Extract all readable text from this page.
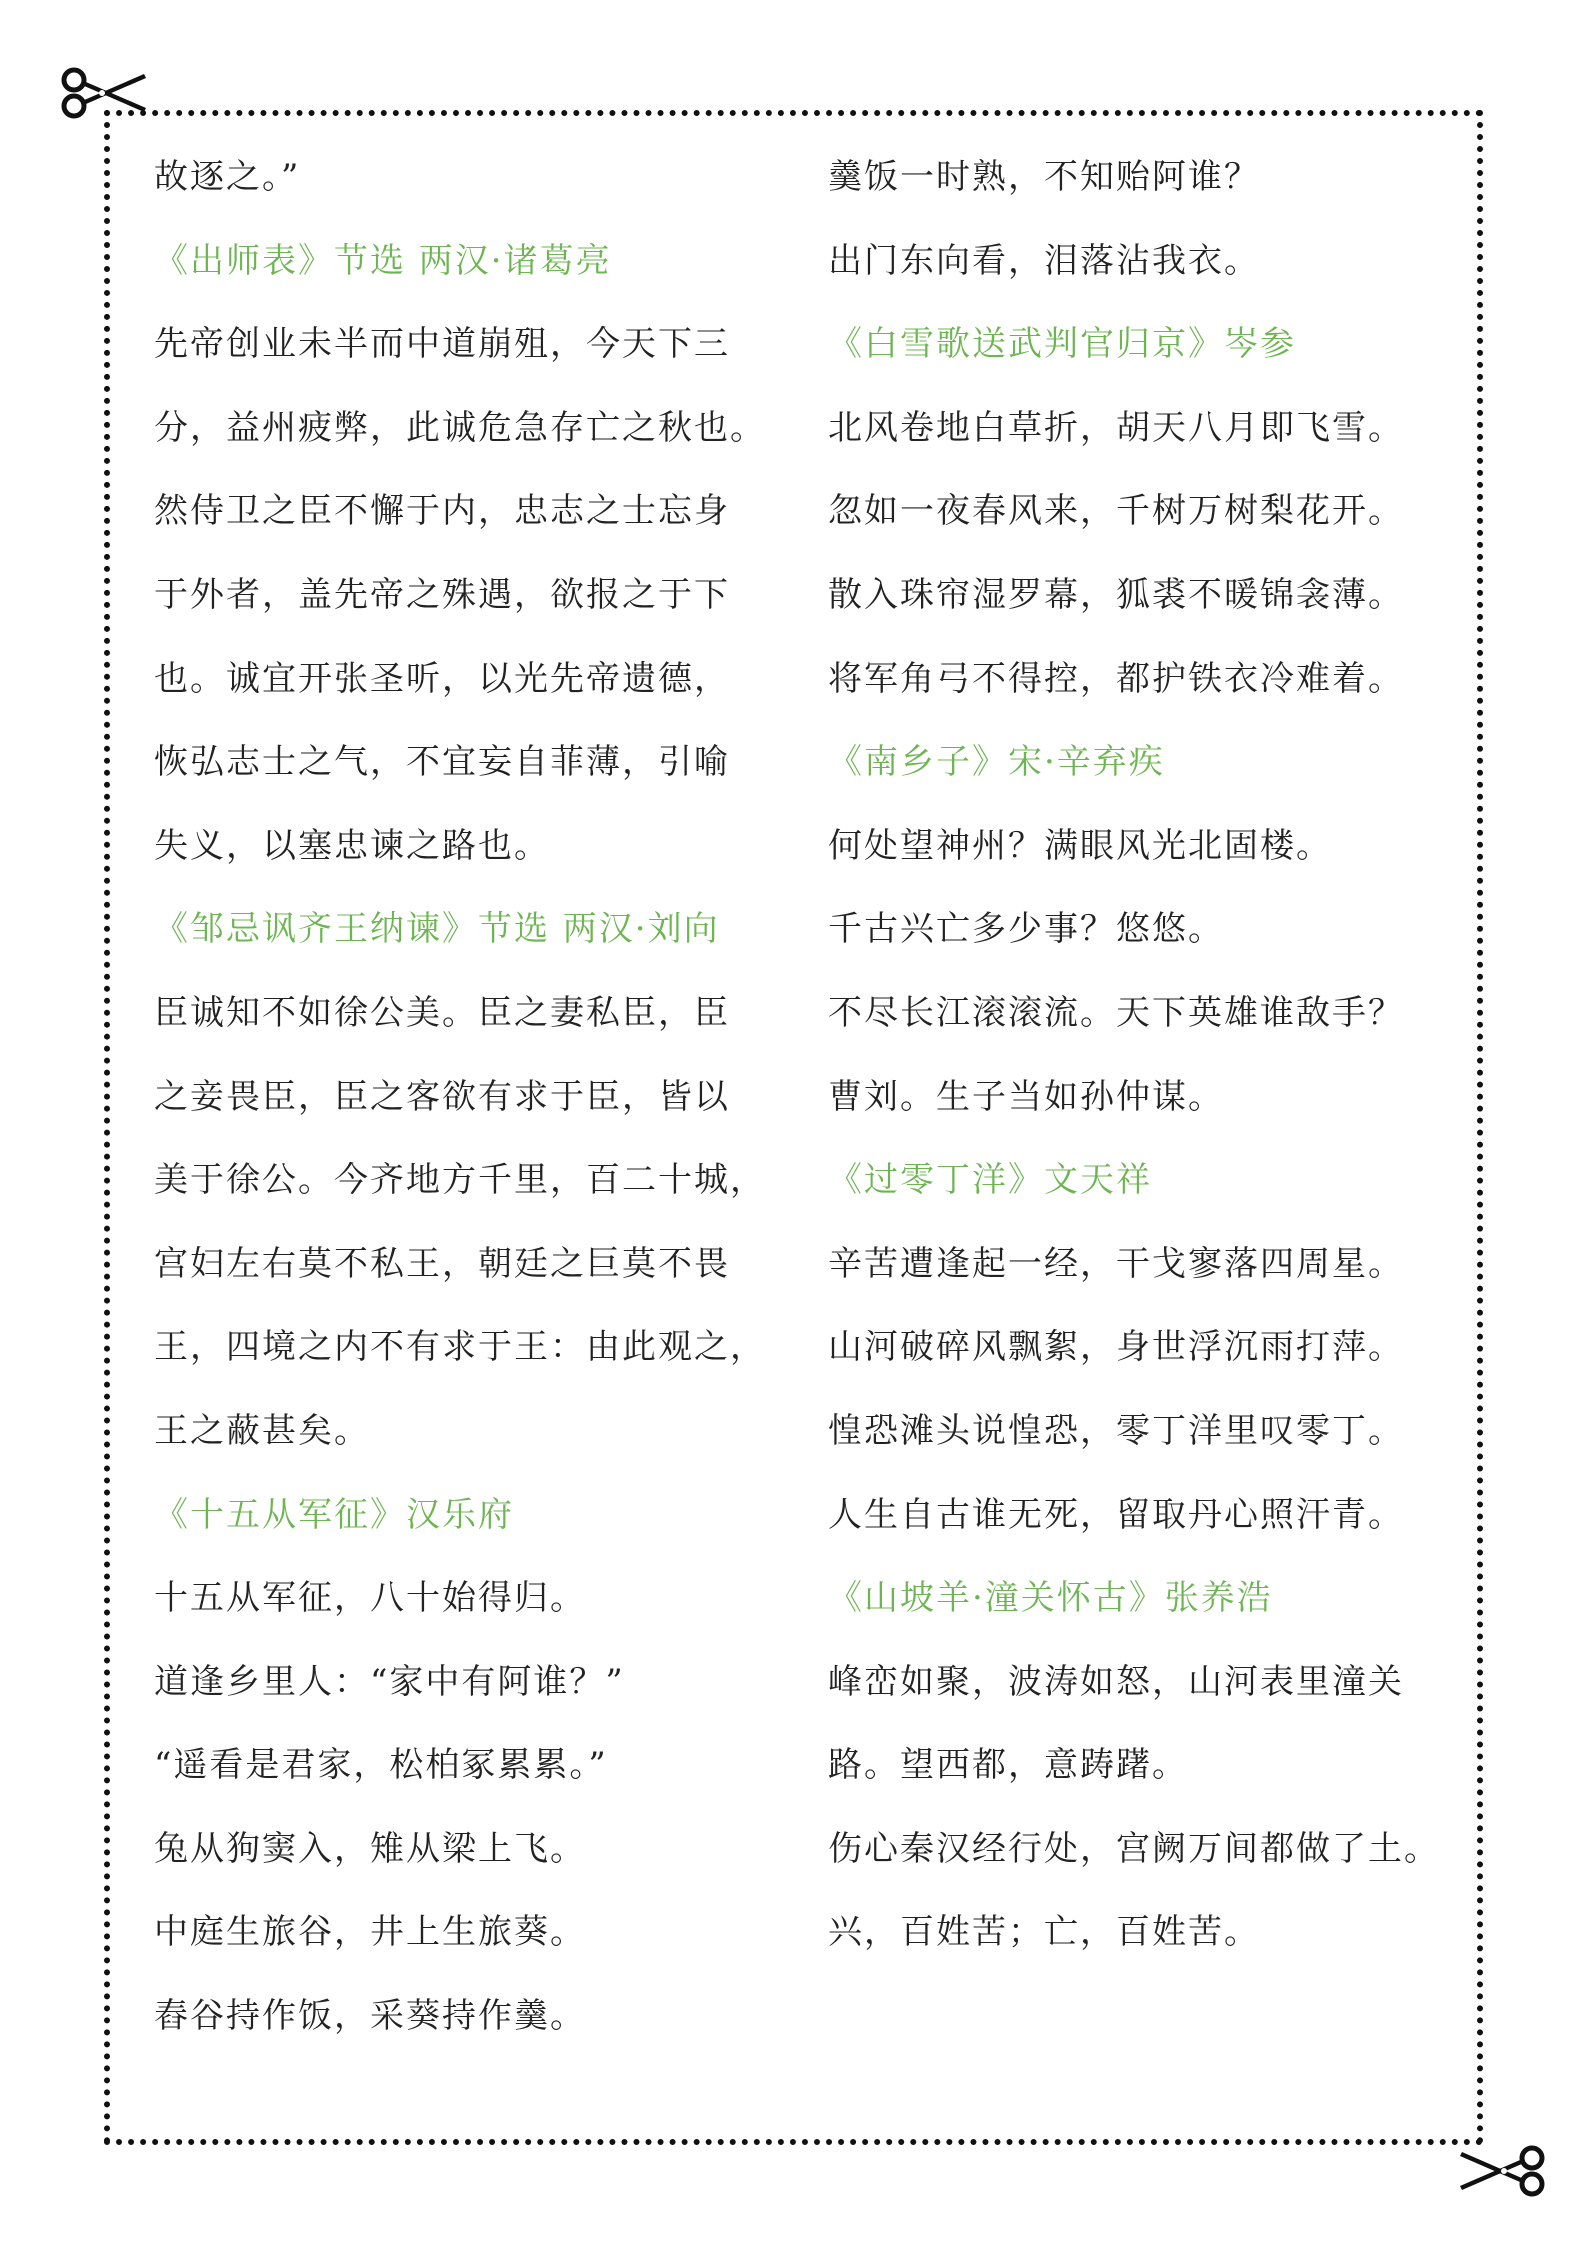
故逐之。”
《出师表》节选 两汉·诸葛亮
先帝创业未半而中道崩殂，今天下三
分，益州疲弊，此诚危急存亡之秋也。
然侍卫之臣不懈于内，忠志之士忘身
于外者，盖先帝之殊遇，欲报之于下
也。诚宜开张圣听，以光先帝遗德，
恢弘志士之气，不宜妄自菲薄，引喻
失义，以塞忠谏之路也。
《邹忌讽齐王纳谏》节选 两汉·刘向
臣诚知不如徐公美。臣之妻私臣，臣
之妾畏臣，臣之客欲有求于臣，皆以
美于徐公。今齐地方千里，百二十城，
宫妇左右莫不私王，朝廷之巨莫不畏
王，四境之内不有求于王：由此观之，
王之蔽甚矣。
《十五从军征》汉乐府
十五从军征，八十始得归。
道逢乡里人：“家中有阿谁？”
“遥看是君家，松柏冢累累。”
兔从狗窦入，雉从梁上飞。
中庭生旅谷，井上生旅葵。
舂谷持作饭，采葵持作羹。
羹饭一时熟，不知贻阿谁？
出门东向看，泪落沾我衣。
《白雪歌送武判官归京》岑参
北风卷地白草折，胡天八月即飞雪。
忽如一夜春风来，千树万树梨花开。
散入珠帘湿罗幕，狐裘不暖锦衾薄。
将军角弓不得控，都护铁衣冷难着。
《南乡子》宋·辛弃疾
何处望神州？满眼风光北固楼。
千古兴亡多少事？悠悠。
不尽长江滚滚流。天下英雄谁敌手？
曹刘。生子当如孙仲谋。
《过零丁洋》文天祥
辛苦遭逢起一经，干戈寥落四周星。
山河破碎风飘絮，身世浮沉雨打萍。
惶恐滩头说惶恐，零丁洋里叹零丁。
人生自古谁无死，留取丹心照汗青。
《山坡羊·潼关怀古》张养浩
峰峦如聚，波涛如怒，山河表里潼关
路。望西都，意踌躇。
伤心秦汉经行处，宫阙万间都做了土。
兴，百姓苦；亡，百姓苦。
